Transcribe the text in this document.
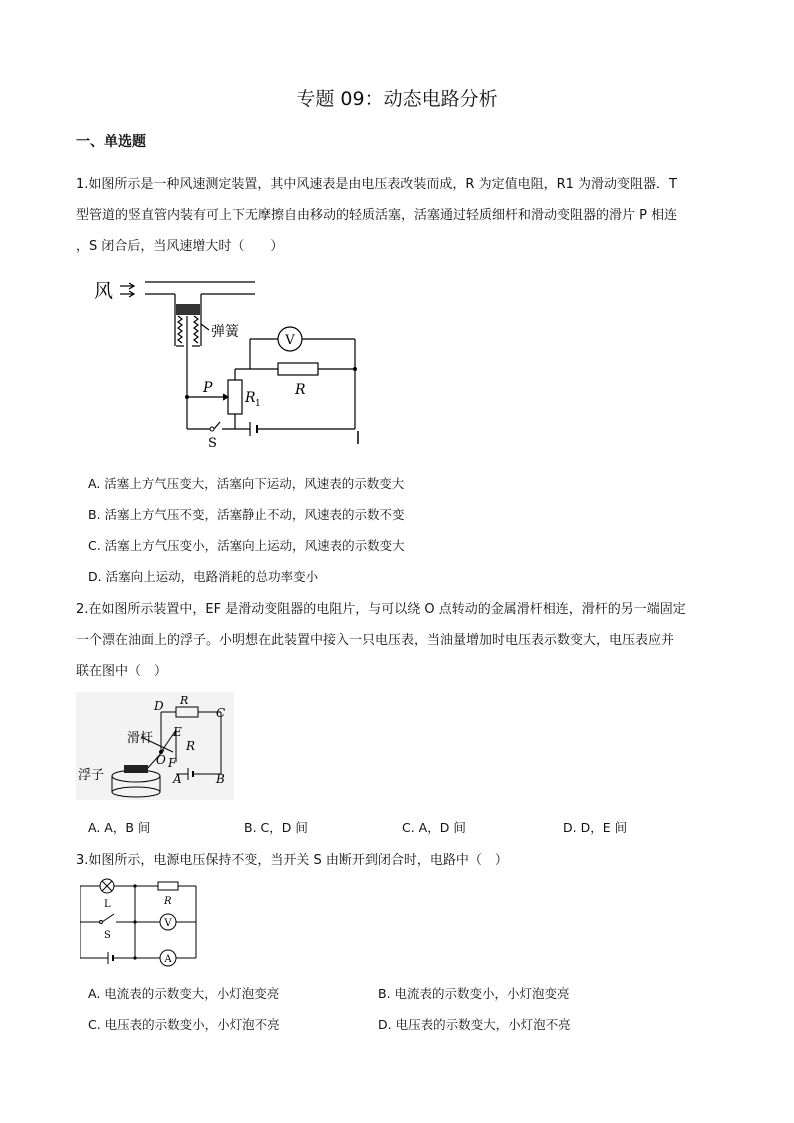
专题 09：动态电路分析
一、单选题
1.如图所示是一种风速测定装置，其中风速表是由电压表改装而成，R 为定值电阻，R1 为滑动变阻器．T
型管道的竖直管内装有可上下无摩擦自由移动的轻质活塞，活塞通过轻质细杆和滑动变阻器的滑片 P 相连
，S 闭合后，当风速增大时（　　）
风
弹簧
V
P
R 1
R
S
A. 活塞上方气压变大，活塞向下运动，风速表的示数变大
B. 活塞上方气压不变，活塞静止不动，风速表的示数不变
C. 活塞上方气压变小，活塞向上运动，风速表的示数变大
D. 活塞向上运动，电路消耗的总功率变小
2.在如图所示装置中，EF 是滑动变阻器的电阻片，与可以绕 O 点转动的金属滑杆相连，滑杆的另一端固定
一个漂在油面上的浮子。小明想在此装置中接入一只电压表，当油量增加时电压表示数变大，电压表应并
联在图中（　）
D R
C
E
R
滑杆
O F
浮子	A	B
A. A，B 间	B. C，D 间	C. A，D 间	D. D，E 间
3.如图所示，电源电压保持不变，当开关 S 由断开到闭合时，电路中（　）
L	R
S
V
A
A. 电流表的示数变大，小灯泡变亮	B. 电流表的示数变小，小灯泡变亮
C. 电压表的示数变小，小灯泡不亮	D. 电压表的示数变大，小灯泡不亮
